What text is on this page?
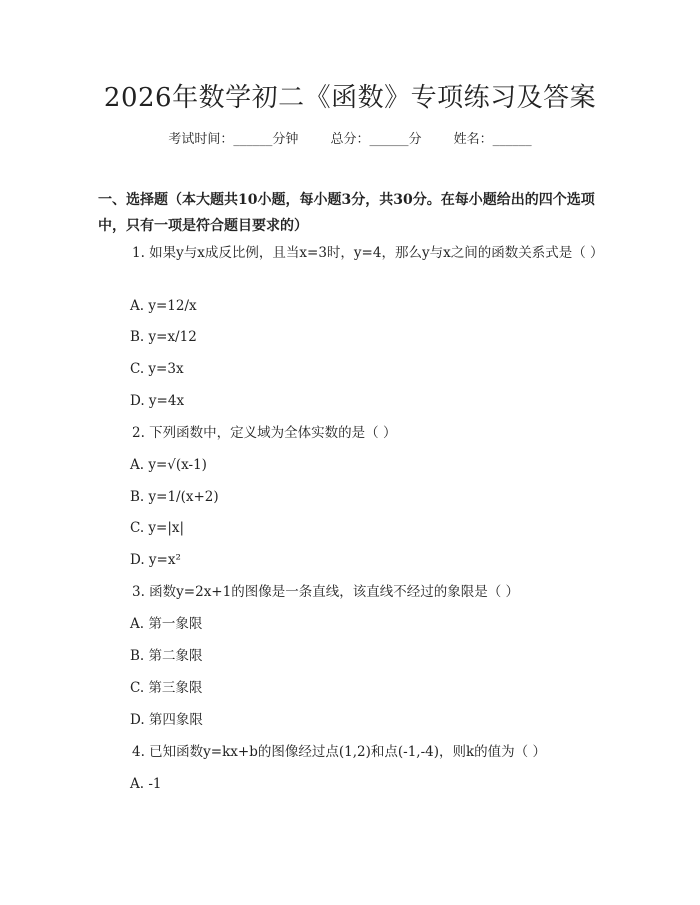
2026年数学初二《函数》专项练习及答案
考试时间：______分钟 总分：______分 姓名：______
一、选择题（本大题共10小题，每小题3分，共30分。在每小题给出的四个选项中，只有一项是符合题目要求的）
1. 如果y与x成反比例，且当x=3时，y=4，那么y与x之间的函数关系式是（ ）
A. y=12/x
B. y=x/12
C. y=3x
D. y=4x
2. 下列函数中，定义域为全体实数的是（ ）
A. y=√(x-1)
B. y=1/(x+2)
C. y=|x|
D. y=x²
3. 函数y=2x+1的图像是一条直线，该直线不经过的象限是（ ）
A. 第一象限
B. 第二象限
C. 第三象限
D. 第四象限
4. 已知函数y=kx+b的图像经过点(1,2)和点(-1,-4)，则k的值为（ ）
A. -1
